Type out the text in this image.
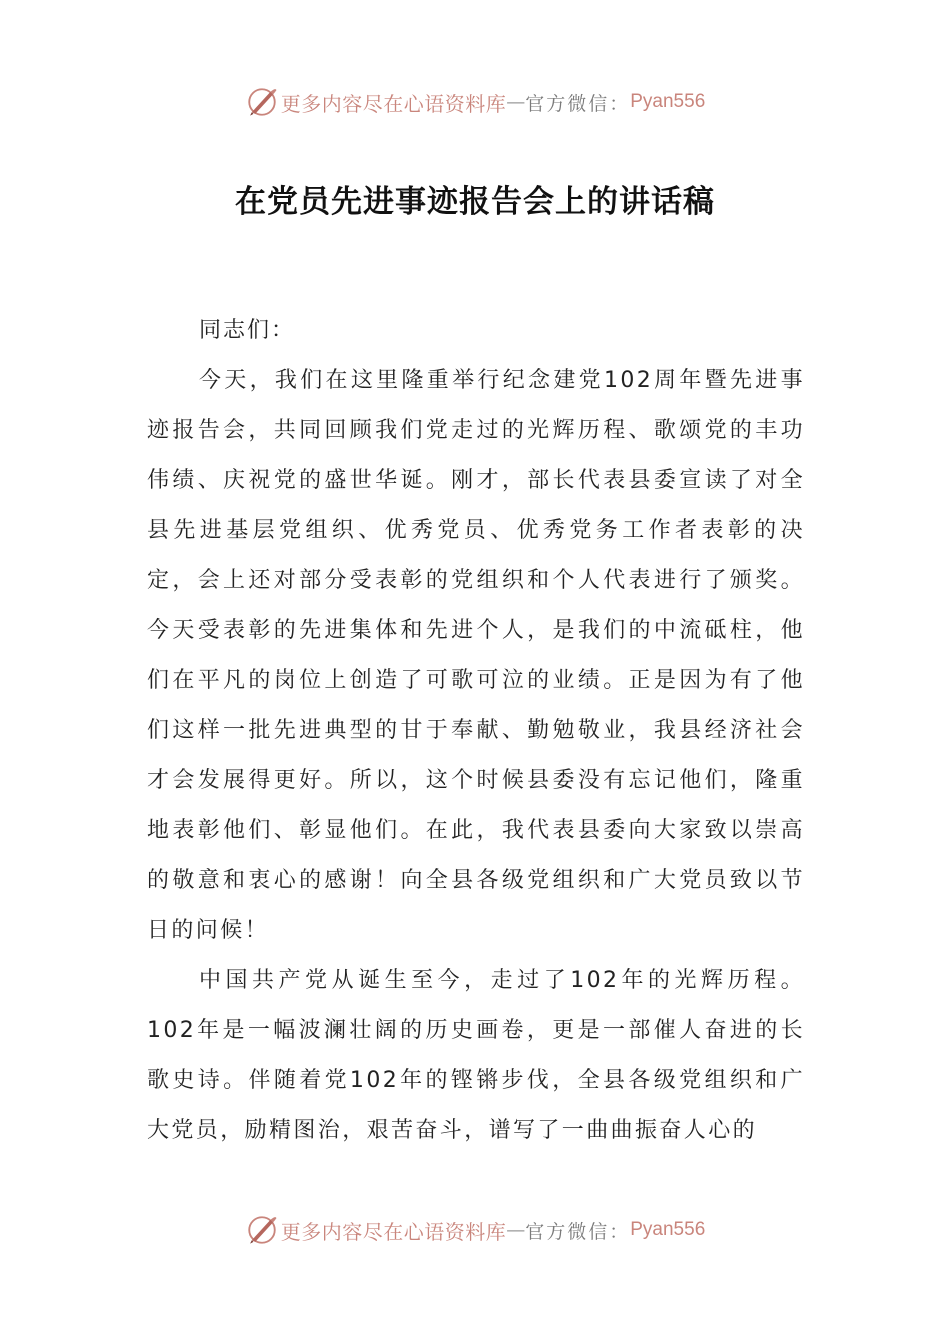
更多内容尽在心语资料库 — 官方微信： Pyan556
在党员先进事迹报告会上的讲话稿

同志们：

今天，我们在这里隆重举行纪念建党102周年暨先进事迹报告会，共同回顾我们党走过的光辉历程、歌颂党的丰功伟绩、庆祝党的盛世华诞。刚才，部长代表县委宣读了对全县先进基层党组织、优秀党员、优秀党务工作者表彰的决定，会上还对部分受表彰的党组织和个人代表进行了颁奖。今天受表彰的先进集体和先进个人，是我们的中流砥柱，他们在平凡的岗位上创造了可歌可泣的业绩。正是因为有了他们这样一批先进典型的甘于奉献、勤勉敬业，我县经济社会才会发展得更好。所以，这个时候县委没有忘记他们，隆重地表彰他们、彰显他们。在此，我代表县委向大家致以崇高的敬意和衷心的感谢！向全县各级党组织和广大党员致以节日的问候！

中国共产党从诞生至今，走过了102年的光辉历程。102年是一幅波澜壮阔的历史画卷，更是一部催人奋进的长歌史诗。伴随着党102年的铿锵步伐，全县各级党组织和广大党员，励精图治，艰苦奋斗，谱写了一曲曲振奋人心的

更多内容尽在心语资料库 — 官方微信： Pyan556
